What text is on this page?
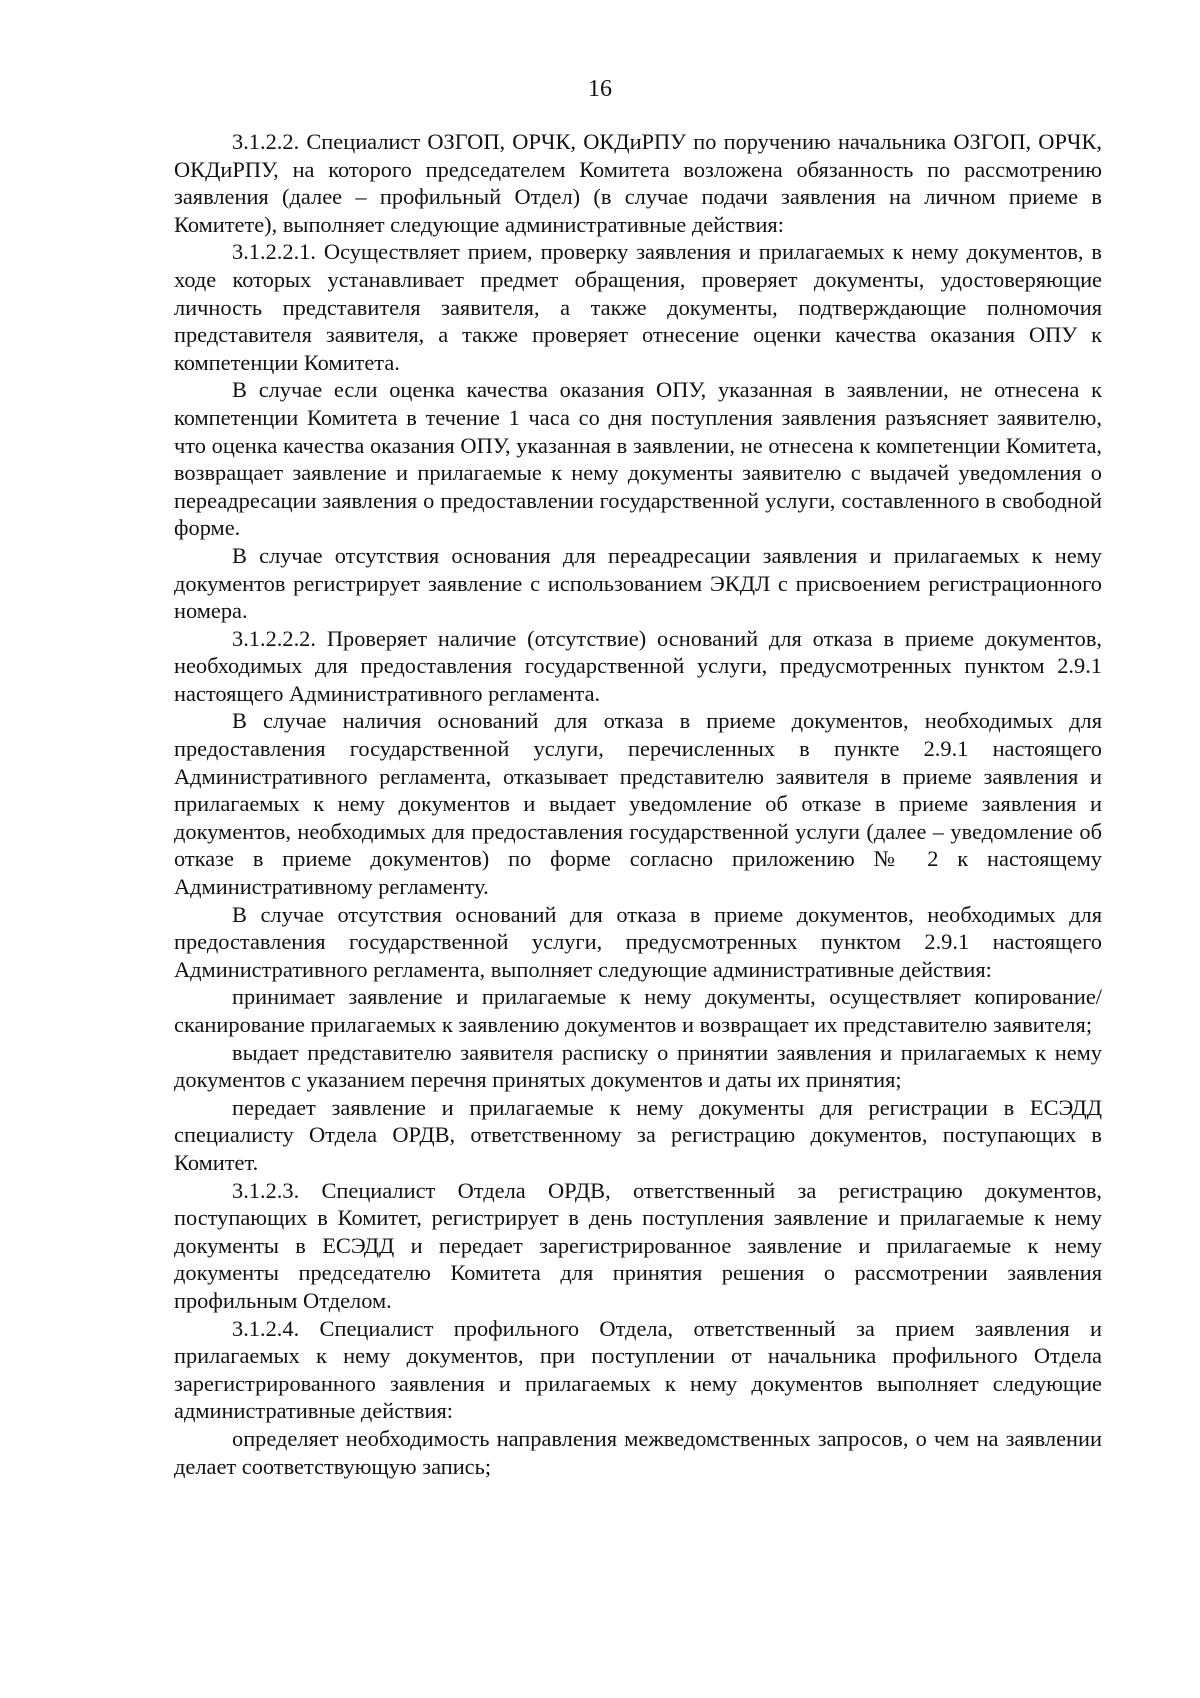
16

3.1.2.2. Специалист ОЗГОП, ОРЧК, ОКДиРПУ по поручению начальника ОЗГОП, ОРЧК, ОКДиРПУ, на которого председателем Комитета возложена обязанность по рассмотрению заявления (далее – профильный Отдел) (в случае подачи заявления на личном приеме в Комитете), выполняет следующие административные действия:

3.1.2.2.1. Осуществляет прием, проверку заявления и прилагаемых к нему документов, в ходе которых устанавливает предмет обращения, проверяет документы, удостоверяющие личность представителя заявителя, а также документы, подтверждающие полномочия представителя заявителя, а также проверяет отнесение оценки качества оказания ОПУ к компетенции Комитета.

В случае если оценка качества оказания ОПУ, указанная в заявлении, не отнесена к компетенции Комитета в течение 1 часа со дня поступления заявления разъясняет заявителю, что оценка качества оказания ОПУ, указанная в заявлении, не отнесена к компетенции Комитета, возвращает заявление и прилагаемые к нему документы заявителю с выдачей уведомления о переадресации заявления о предоставлении государственной услуги, составленного в свободной форме.

В случае отсутствия основания для переадресации заявления и прилагаемых к нему документов регистрирует заявление с использованием ЭКДЛ с присвоением регистрационного номера.

3.1.2.2.2. Проверяет наличие (отсутствие) оснований для отказа в приеме документов, необходимых для предоставления государственной услуги, предусмотренных пунктом 2.9.1 настоящего Административного регламента.

В случае наличия оснований для отказа в приеме документов, необходимых для предоставления государственной услуги, перечисленных в пункте 2.9.1 настоящего Административного регламента, отказывает представителю заявителя в приеме заявления и прилагаемых к нему документов и выдает уведомление об отказе в приеме заявления и документов, необходимых для предоставления государственной услуги (далее – уведомление об отказе в приеме документов) по форме согласно приложению № 2 к настоящему Административному регламенту.

В случае отсутствия оснований для отказа в приеме документов, необходимых для предоставления государственной услуги, предусмотренных пунктом 2.9.1 настоящего Административного регламента, выполняет следующие административные действия:

принимает заявление и прилагаемые к нему документы, осуществляет копирование/сканирование прилагаемых к заявлению документов и возвращает их представителю заявителя;

выдает представителю заявителя расписку о принятии заявления и прилагаемых к нему документов с указанием перечня принятых документов и даты их принятия;

передает заявление и прилагаемые к нему документы для регистрации в ЕСЭДД специалисту Отдела ОРДВ, ответственному за регистрацию документов, поступающих в Комитет.

3.1.2.3. Специалист Отдела ОРДВ, ответственный за регистрацию документов, поступающих в Комитет, регистрирует в день поступления заявление и прилагаемые к нему документы в ЕСЭДД и передает зарегистрированное заявление и прилагаемые к нему документы председателю Комитета для принятия решения о рассмотрении заявления профильным Отделом.

3.1.2.4. Специалист профильного Отдела, ответственный за прием заявления и прилагаемых к нему документов, при поступлении от начальника профильного Отдела зарегистрированного заявления и прилагаемых к нему документов выполняет следующие административные действия:

определяет необходимость направления межведомственных запросов, о чем на заявлении делает соответствующую запись;
